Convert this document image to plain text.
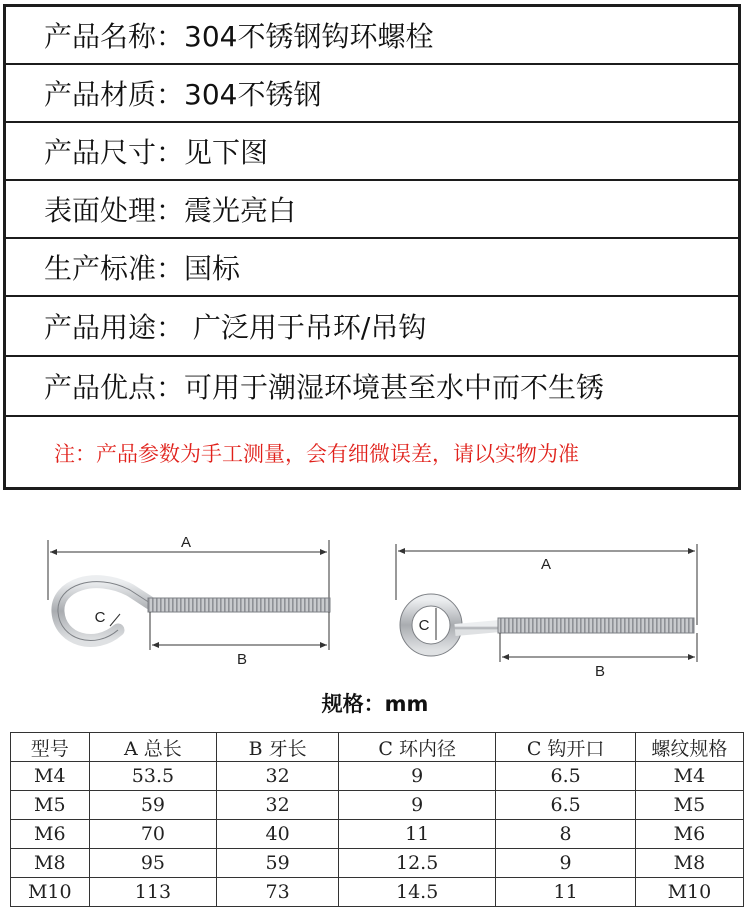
产品名称： 304不锈钢钩环螺栓
产品材质： 304不锈钢
产品尺寸： 见下图
表面处理： 震光亮白
生产标准： 国标
产品用途： 广泛用于吊环/吊钩
产品优点： 可用于潮湿环境甚至水中而不生锈
注：产品参数为手工测量，会有细微误差，请以实物为准
A
B
C
A
B
C
规格：mm
型号	A 总长	B 牙长	C 环内径	C 钩开口	螺纹规格
M4	53.5	32	9	6.5	M4
M5	59	32	9	6.5	M5
M6	70	40	11	8	M6
M8	95	59	12.5	9	M8
M10	113	73	14.5	11	M10
